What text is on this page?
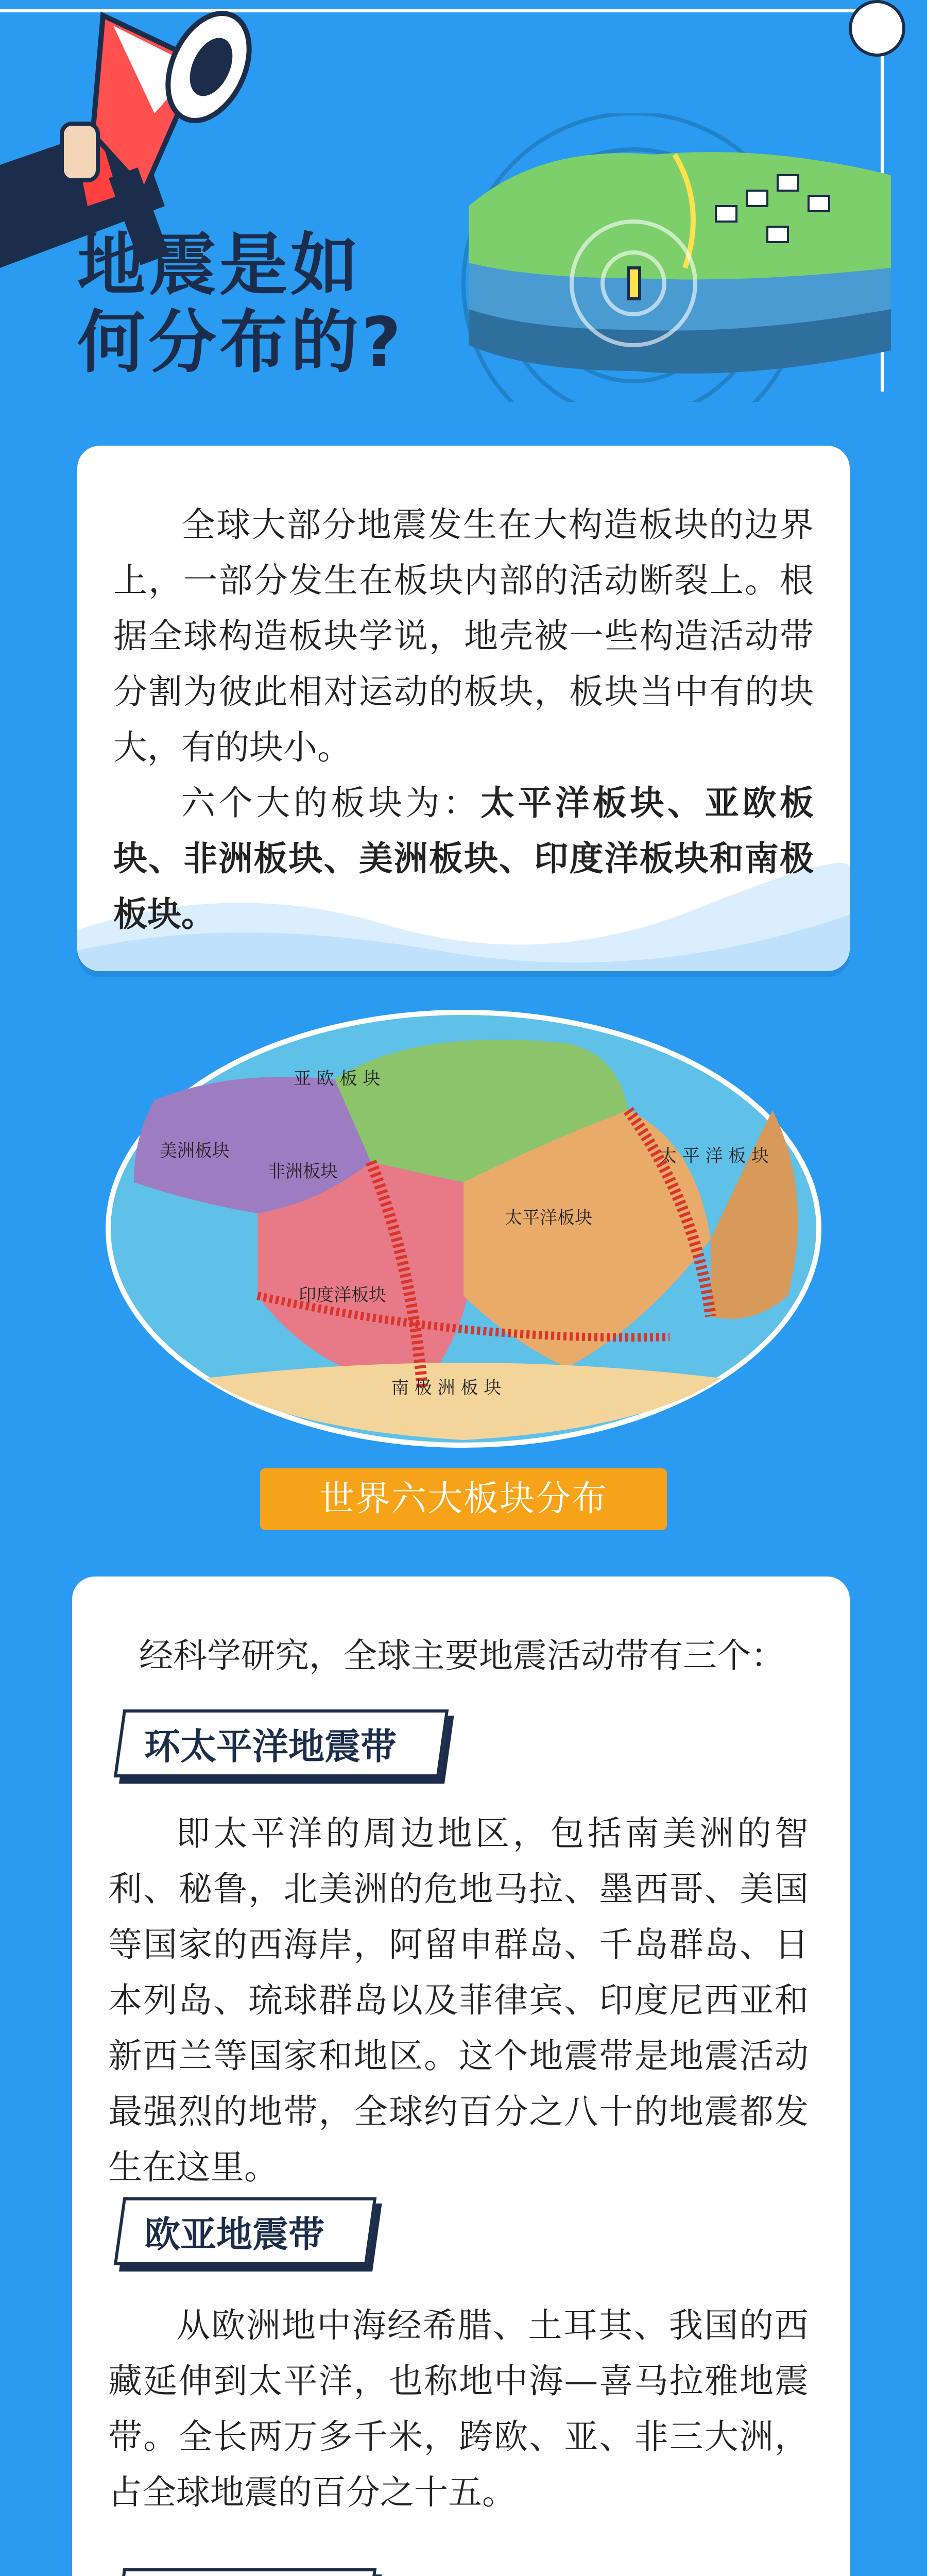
地震是如
何分布的?

全球大部分地震发生在大构造板块的边界上，一部分发生在板块内部的活动断裂上。根据全球构造板块学说，地壳被一些构造活动带分割为彼此相对运动的板块，板块当中有的块大，有的块小。

六个大的板块为：太平洋板块、亚欧板块、非洲板块、美洲板块、印度洋板块和南极板块。

亚 欧 板 块
非洲板块
美洲板块
太平洋板块
印度洋板块
南 极 洲 板 块
太 平 洋 板 块
世界六大板块分布

经科学研究，全球主要地震活动带有三个：

环太平洋地震带

即太平洋的周边地区，包括南美洲的智利、秘鲁，北美洲的危地马拉、墨西哥、美国等国家的西海岸，阿留申群岛、千岛群岛、日本列岛、琉球群岛以及菲律宾、印度尼西亚和新西兰等国家和地区。这个地震带是地震活动最强烈的地带，全球约百分之八十的地震都发生在这里。

欧亚地震带

从欧洲地中海经希腊、土耳其、我国的西藏延伸到太平洋，也称地中海—喜马拉雅地震带。全长两万多千米，跨欧、亚、非三大洲，占全球地震的百分之十五。
